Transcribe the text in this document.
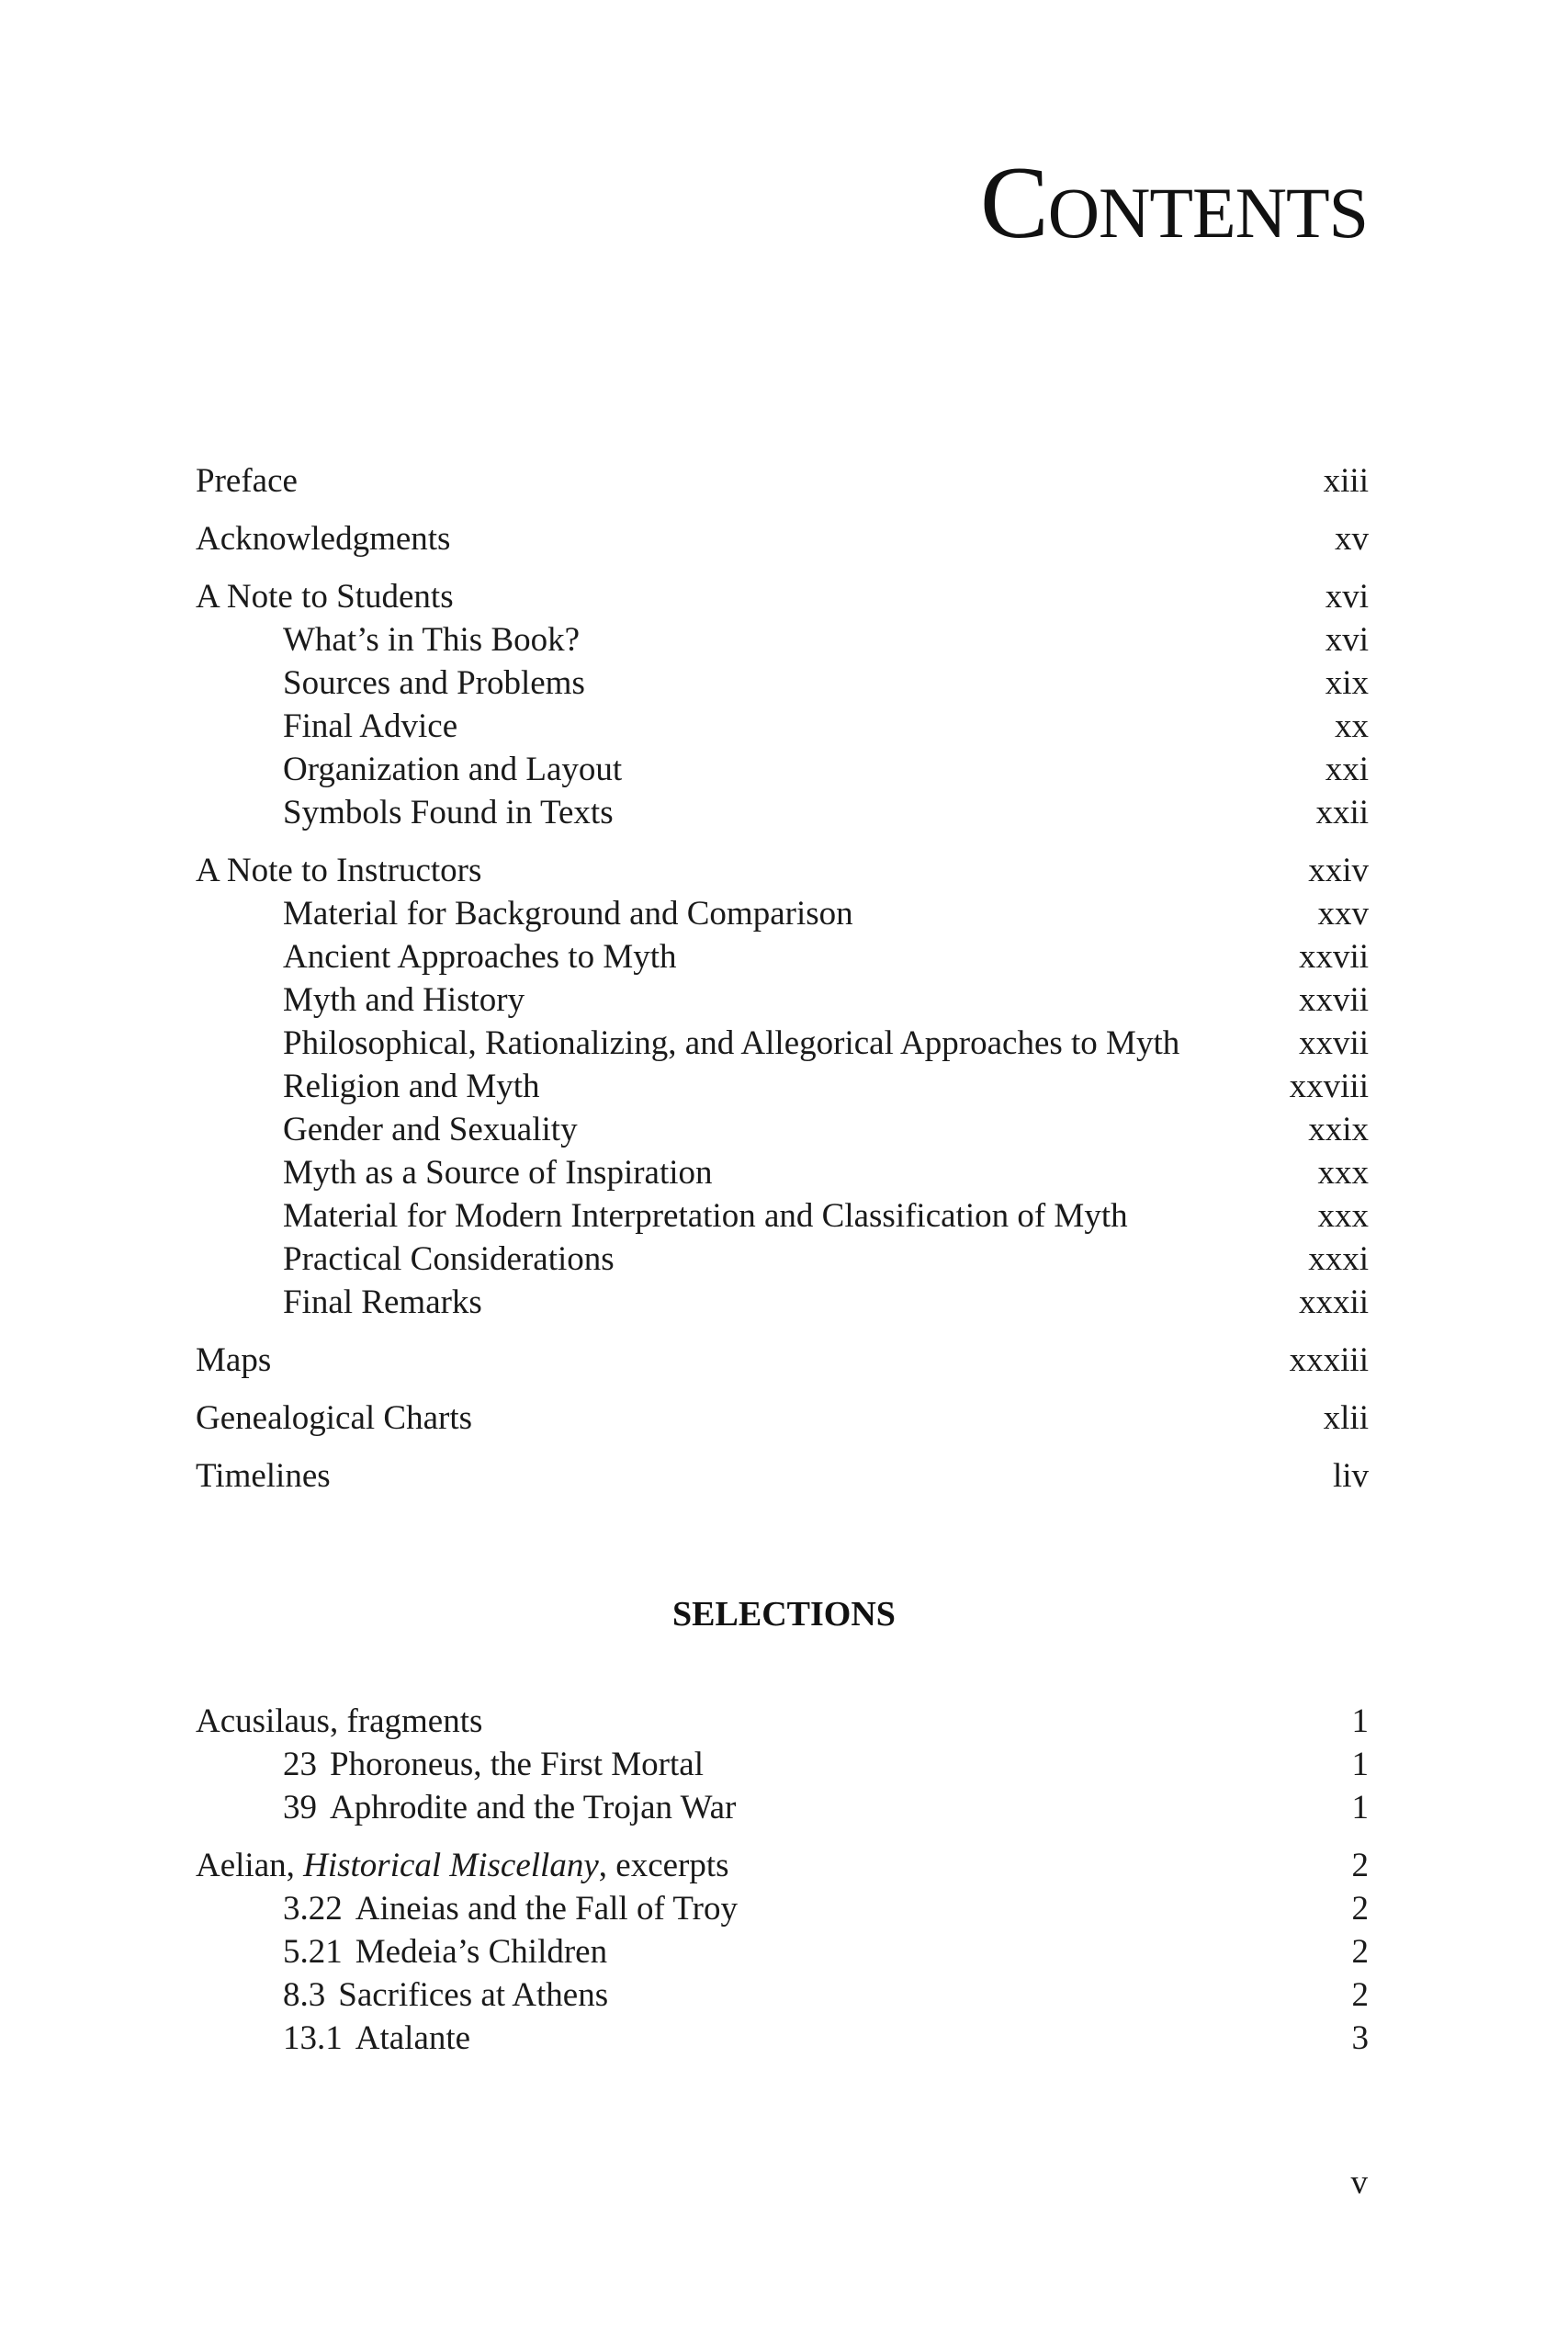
Contents
Preface	xiii
Acknowledgments	xv
A Note to Students	xvi
What’s in This Book?	xvi
Sources and Problems	xix
Final Advice	xx
Organization and Layout	xxi
Symbols Found in Texts	xxii
A Note to Instructors	xxiv
Material for Background and Comparison	xxv
Ancient Approaches to Myth	xxvii
Myth and History	xxvii
Philosophical, Rationalizing, and Allegorical Approaches to Myth	xxvii
Religion and Myth	xxviii
Gender and Sexuality	xxix
Myth as a Source of Inspiration	xxx
Material for Modern Interpretation and Classification of Myth	xxx
Practical Considerations	xxxi
Final Remarks	xxxii
Maps	xxxiii
Genealogical Charts	xlii
Timelines	liv
SELECTIONS
Acusilaus, fragments	1
23 Phoroneus, the First Mortal	1
39 Aphrodite and the Trojan War	1
Aelian, Historical Miscellany, excerpts	2
3.22 Aineias and the Fall of Troy	2
5.21 Medeia’s Children	2
8.3 Sacrifices at Athens	2
13.1 Atalante	3
v
